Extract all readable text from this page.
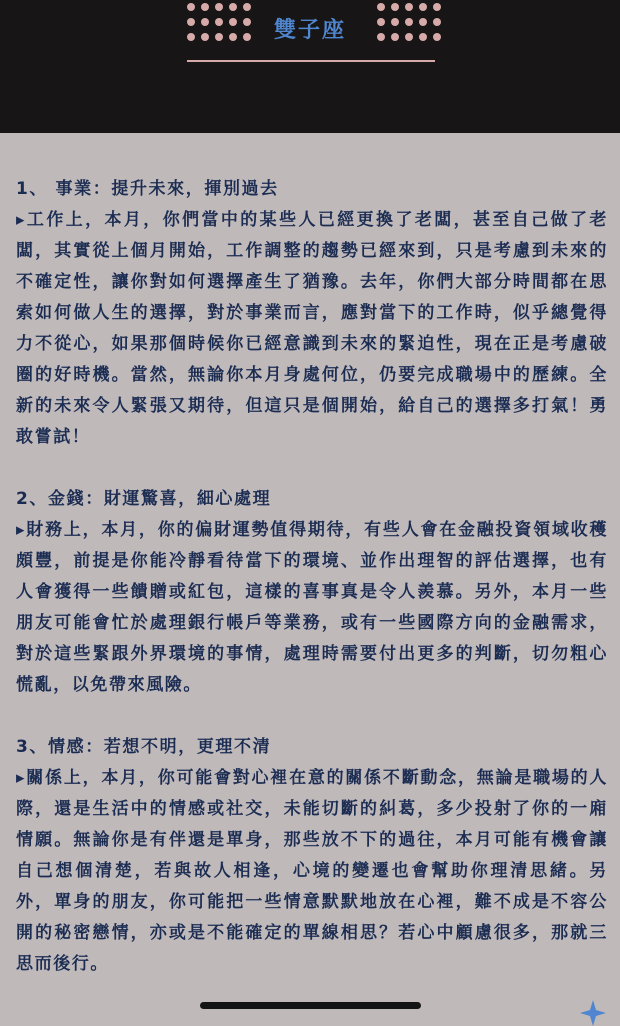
雙子座
1、 事業：提升未來，揮別過去
▸工作上，本月，你們當中的某些人已經更換了老闆，甚至自己做了老闆，其實從上個月開始，工作調整的趨勢已經來到，只是考慮到未來的不確定性，讓你對如何選擇產生了猶豫。去年，你們大部分時間都在思索如何做人生的選擇，對於事業而言，應對當下的工作時，似乎總覺得力不從心，如果那個時候你已經意識到未來的緊迫性，現在正是考慮破圈的好時機。當然，無論你本月身處何位，仍要完成職場中的歷練。全新的未來令人緊張又期待，但這只是個開始，給自己的選擇多打氣！勇敢嘗試！
2、金錢：財運驚喜，細心處理
▸財務上，本月，你的偏財運勢值得期待，有些人會在金融投資領域收穫頗豐，前提是你能冷靜看待當下的環境、並作出理智的評估選擇，也有人會獲得一些饋贈或紅包，這樣的喜事真是令人羨慕。另外，本月一些朋友可能會忙於處理銀行帳戶等業務，或有一些國際方向的金融需求，對於這些緊跟外界環境的事情，處理時需要付出更多的判斷，切勿粗心慌亂，以免帶來風險。
3、情感：若想不明，更理不清
▸關係上，本月，你可能會對心裡在意的關係不斷動念，無論是職場的人際，還是生活中的情感或社交，未能切斷的糾葛，多少投射了你的一廂情願。無論你是有伴還是單身，那些放不下的過往，本月可能有機會讓自己想個清楚，若與故人相逢，心境的變遷也會幫助你理清思緒。另外，單身的朋友，你可能把一些情意默默地放在心裡，難不成是不容公開的秘密戀情，亦或是不能確定的單線相思？若心中顧慮很多，那就三思而後行。
